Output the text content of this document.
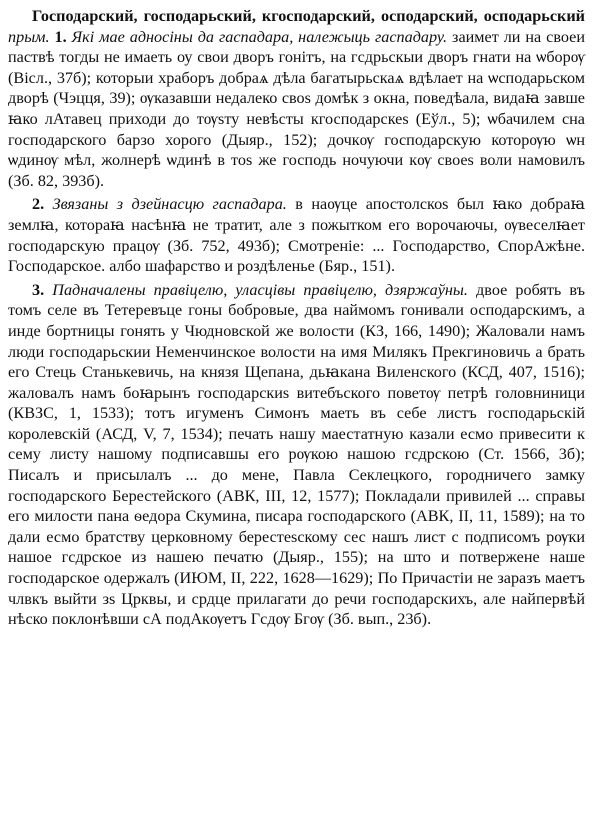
Господарский, господарьский, кгосподарский, осподарский, осподарьский прым. 1. Які мае адносіны да гаспадара, належыць гаспадару. заимет ли на своеи паствѣ тогды не имаеть оу свои дворъ гонітъ, на гсдрьскыи дворъ гнати на ѡборѹ (Вісл., 37б); которыи храборъ добраѧ дѣла багатырьскаѧ вдѣлает на ѡсподарьском дворѣ (Чэцця, 39); ѹказавши недалеко своѕ домѣк з окна, поведѣала, видаꙗ завше ꙗко лАтавец приходи до тѹѕту невѣсты кгосподарскеѕ (Еўл., 5); ѡбачилем сна господарского барзо хорого (Дыяр., 152); дочкѹ господарскую которѹю ѡн ѡдинѹ мѣл, жолнерѣ ѡдинѣ в тоѕ же господь ночуючи кѹ своеѕ воли намовилъ (Зб. 82, 393б).

2. Звязаны з дзейнасцю гаспадара. в наѹце апостолскоѕ был ꙗко добраꙗ землꙗ, котораꙗ насѣнꙗ не тратит, але з пожытком его ворочаючы, ѹвеселꙗет господарскую працѹ (Зб. 752, 493б); Смотреніе: ... Господарство, СпорАжѣне. Господарское. албо шафарство и роздѣленье (Бяр., 151).

3. Падначалены правіцелю, уласцівы правіцелю, дзяржаўны. двое робять въ томъ селе въ Тетеревъце гоны бобровые, два наймомъ гонивали осподарскимъ, а инде бортницы гонять у Чюдновской же волости (КЗ, 166, 1490); Жаловали намъ люди господарьскии Неменчинское волости на имя Милякъ Прекгиновичь а брать его Стець Станькевичь, на князя Щепана, дьꙗкана Виленского (КСД, 407, 1516); жаловалъ намъ боꙗрынъ господарскиѕ витебъского поветѹ петрѣ головниници (КВЗС, 1, 1533); тотъ игуменъ Симонъ маеть въ себе листъ господарьскій королевскій (АСД, V, 7, 1534); печать нашу маестатную казали есмо привесити к сему листу нашому подписавшы его рѹкою нашою гсдрскою (Ст. 1566, 3б); Писалъ и присылалъ ... до мене, Павла Секлецкого, городничего замку господарского Берестейского (АВК, III, 12, 1577); Покладали привилей ... справы его милости пана ѳедора Скумина, писара господарского (АВК, II, 11, 1589); на то дали есмо братству церковному берестеѕскому сес нашъ лист с подписомъ рѹки нашое гсдрское из нашею печатю (Дыяр., 155); на што и потвержене наше господарское одержалъ (ИЮМ, II, 222, 1628—1629); По Причастіи не заразъ маетъ члвкъ выйти зѕ Црквы, и срдце прилагати до речи господарскихъ, але найпервѣй нѣско поклонѣвши сА подАкѹетъ Гсдѹ Бгѹ (Зб. вып., 23б).
